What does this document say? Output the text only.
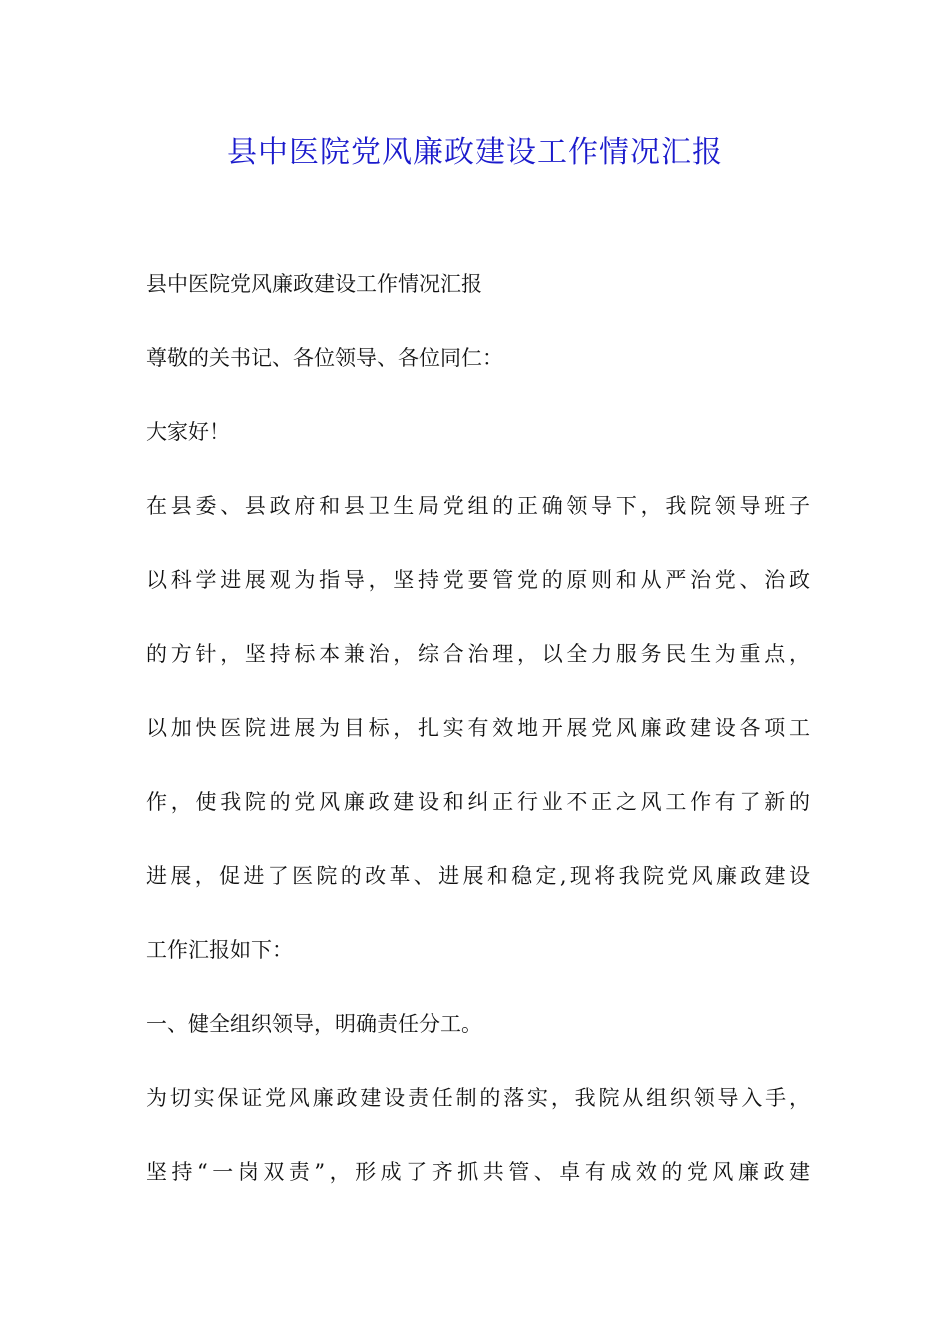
县中医院党风廉政建设工作情况汇报
县中医院党风廉政建设工作情况汇报
尊敬的关书记、各位领导、各位同仁：
大家好！
在县委、县政府和县卫生局党组的正确领导下，我院领导班子
以科学进展观为指导，坚持党要管党的原则和从严治党、治政
的方针，坚持标本兼治，综合治理，以全力服务民生为重点，
以加快医院进展为目标，扎实有效地开展党风廉政建设各项工
作，使我院的党风廉政建设和纠正行业不正之风工作有了新的
进展，促进了医院的改革、进展和稳定,现将我院党风廉政建设
工作汇报如下：
一、健全组织领导，明确责任分工。
为切实保证党风廉政建设责任制的落实，我院从组织领导入手，
坚持“一岗双责”，形成了齐抓共管、卓有成效的党风廉政建
